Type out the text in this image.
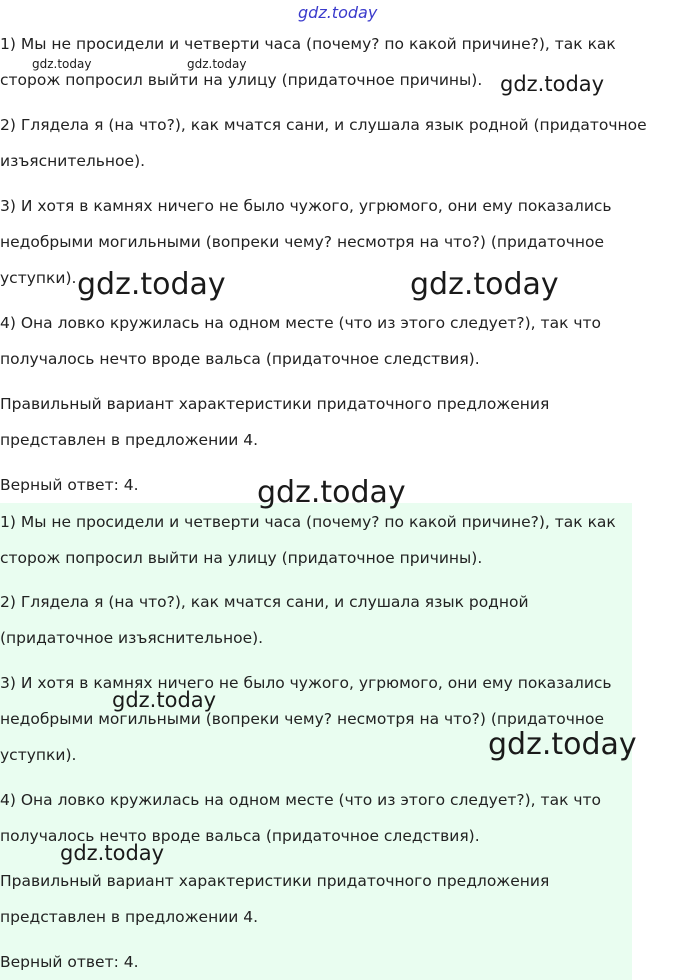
gdz.today

1) Мы не просидели и четверти часа (почему? по какой причине?), так как сторож попросил выйти на улицу (придаточное причины).

2) Глядела я (на что?), как мчатся сани, и слушала язык родной (придаточное изъяснительное).

3) И хотя в камнях ничего не было чужого, угрюмого, они ему показались недобрыми могильными (вопреки чему? несмотря на что?) (придаточное уступки).

4) Она ловко кружилась на одном месте (что из этого следует?), так что получалось нечто вроде вальса (придаточное следствия).

Правильный вариант характеристики придаточного предложения представлен в предложении 4.

Верный ответ: 4.

1) Мы не просидели и четверти часа (почему? по какой причине?), так как сторож попросил выйти на улицу (придаточное причины).

2) Глядела я (на что?), как мчатся сани, и слушала язык родной (придаточное изъяснительное).

3) И хотя в камнях ничего не было чужого, угрюмого, они ему показались недобрыми могильными (вопреки чему? несмотря на что?) (придаточное уступки).

4) Она ловко кружилась на одном месте (что из этого следует?), так что получалось нечто вроде вальса (придаточное следствия).

Правильный вариант характеристики придаточного предложения представлен в предложении 4.

Верный ответ: 4.

gdz.today	gdz.today
gdz.today
gdz.today	gdz.today
gdz.today
gdz.today
gdz.today
gdz.today
